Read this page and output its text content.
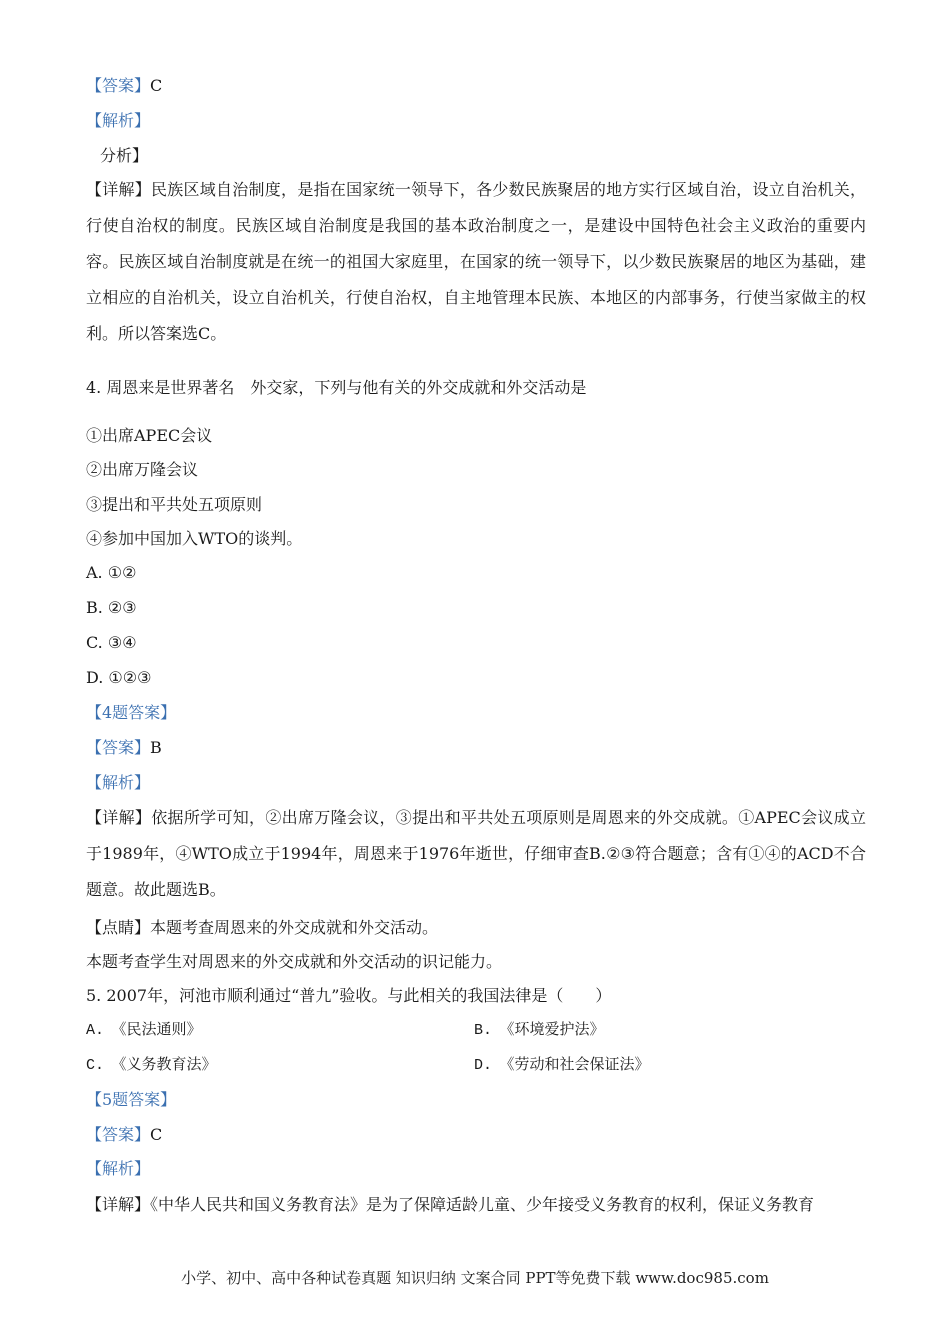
【答案】C
【解析】
分析】
【详解】民族区域自治制度，是指在国家统一领导下，各少数民族聚居的地方实行区域自治，设立自治机关，行使自治权的制度。民族区域自治制度是我国的基本政治制度之一，是建设中国特色社会主义政治的重要内容。民族区域自治制度就是在统一的祖国大家庭里，在国家的统一领导下，以少数民族聚居的地区为基础，建立相应的自治机关，设立自治机关，行使自治权，自主地管理本民族、本地区的内部事务，行使当家做主的权利。所以答案选C。
4. 周恩来是世界著名　外交家，下列与他有关的外交成就和外交活动是
①出席APEC会议
②出席万隆会议
③提出和平共处五项原则
④参加中国加入WTO的谈判。
A. ①②
B. ②③
C. ③④
D. ①②③
【4题答案】
【答案】B
【解析】
【详解】依据所学可知，②出席万隆会议，③提出和平共处五项原则是周恩来的外交成就。①APEC会议成立于1989年，④WTO成立于1994年，周恩来于1976年逝世，仔细审查B.②③符合题意；含有①④的ACD不合题意。故此题选B。
【点睛】本题考查周恩来的外交成就和外交活动。
本题考查学生对周恩来的外交成就和外交活动的识记能力。
5. 2007年，河池市顺利通过“普九”验收。与此相关的我国法律是（　　）
A.　《民法通则》	B.　《环境爱护法》
C.　《义务教育法》	D.　《劳动和社会保证法》
【5题答案】
【答案】C
【解析】
【详解】《中华人民共和国义务教育法》是为了保障适龄儿童、少年接受义务教育的权利，保证义务教育
小学、初中、高中各种试卷真题 知识归纳 文案合同 PPT等免费下载 www.doc985.com
